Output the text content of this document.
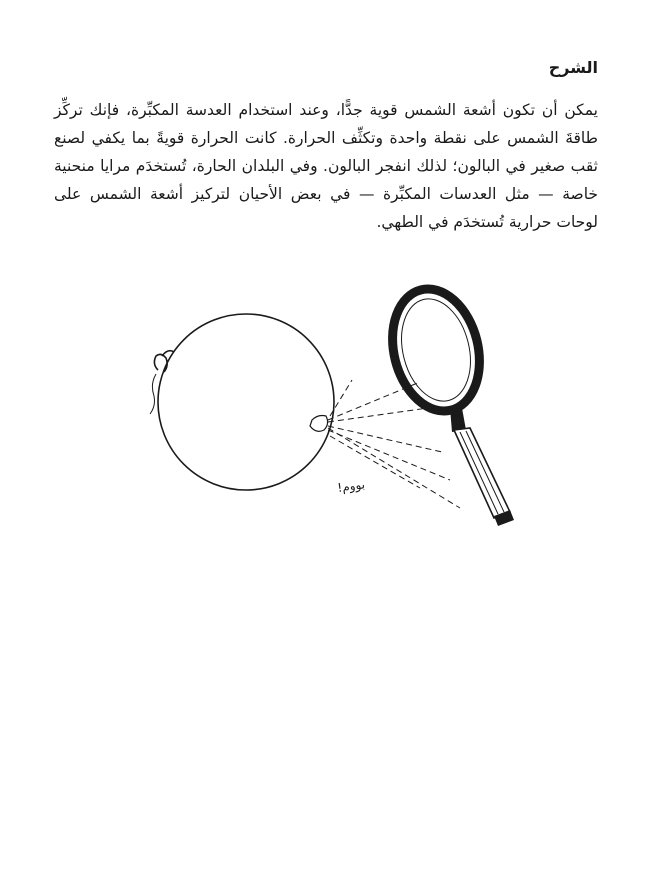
الشرح

يمكن أن تكون أشعة الشمس قوية جدًّا، وعند استخدام العدسة المكبِّرة، فإنك تركِّز طاقةَ الشمس على نقطة واحدة وتكثِّف الحرارة. كانت الحرارة قويةً بما يكفي لصنع ثقب صغير في البالون؛ لذلك انفجر البالون. وفي البلدان الحارة، تُستخدَم مرايا منحنية خاصة — مثل العدسات المكبِّرة — في بعض الأحيان لتركيز أشعة الشمس على لوحات حرارية تُستخدَم في الطهي.

بووم!
